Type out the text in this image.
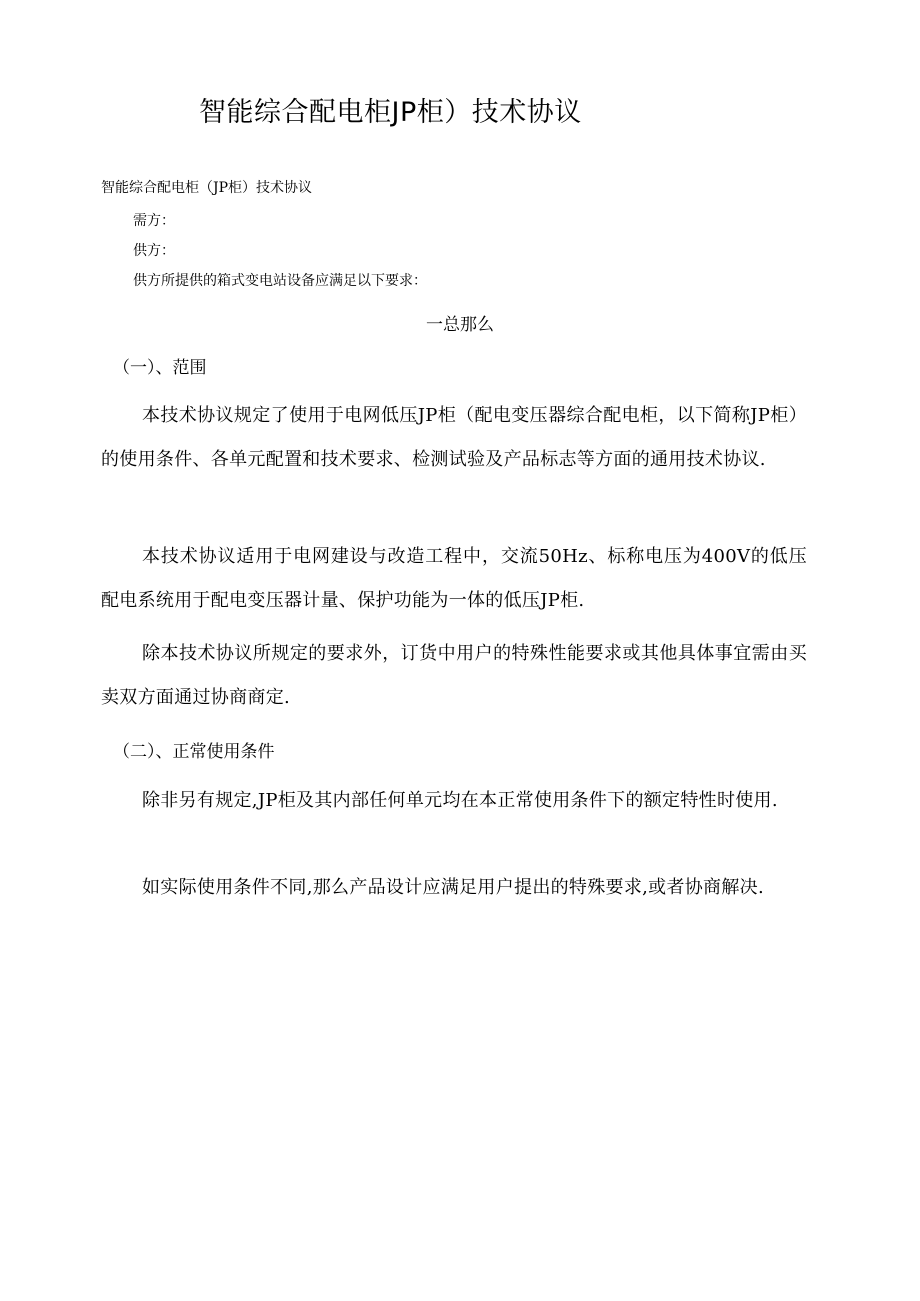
智能综合配电柜JP柜）技术协议
智能综合配电柜（JP柜）技术协议
需方：
供方：
供方所提供的箱式变电站设备应满足以下要求：
一总那么
（一）、范围
本技术协议规定了使用于电网低压JP柜（配电变压器综合配电柜，以下简称JP柜）的使用条件、各单元配置和技术要求、检测试验及产品标志等方面的通用技术协议.
本技术协议适用于电网建设与改造工程中，交流50Hz、标称电压为400V的低压配电系统用于配电变压器计量、保护功能为一体的低压JP柜.
除本技术协议所规定的要求外，订货中用户的特殊性能要求或其他具体事宜需由买卖双方面通过协商商定.
（二）、正常使用条件
除非另有规定,JP柜及其内部任何单元均在本正常使用条件下的额定特性时使用.
如实际使用条件不同,那么产品设计应满足用户提出的特殊要求,或者协商解决.
